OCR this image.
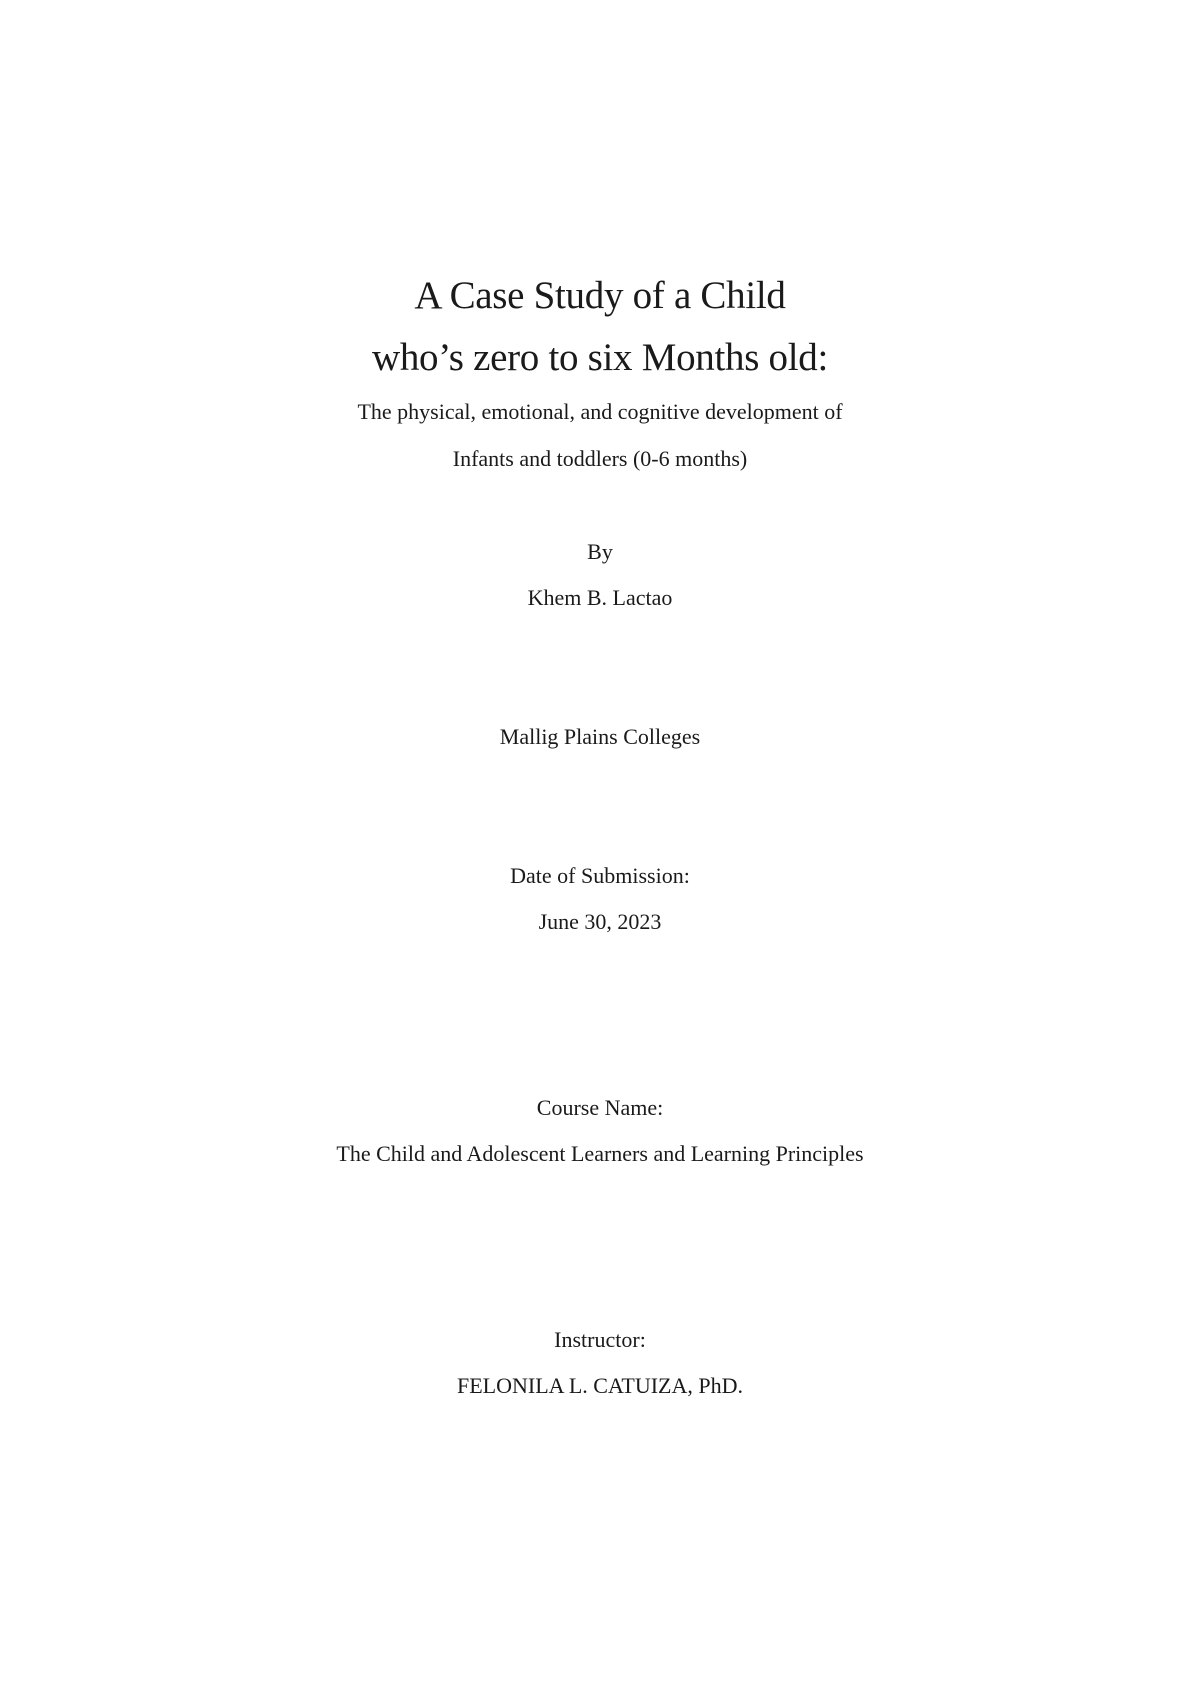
A Case Study of a Child
who’s zero to six Months old:
The physical, emotional, and cognitive development of
Infants and toddlers (0-6 months)
By
Khem B. Lactao
Mallig Plains Colleges
Date of Submission:
June 30, 2023
Course Name:
The Child and Adolescent Learners and Learning Principles
Instructor:
FELONILA L. CATUIZA, PhD.
